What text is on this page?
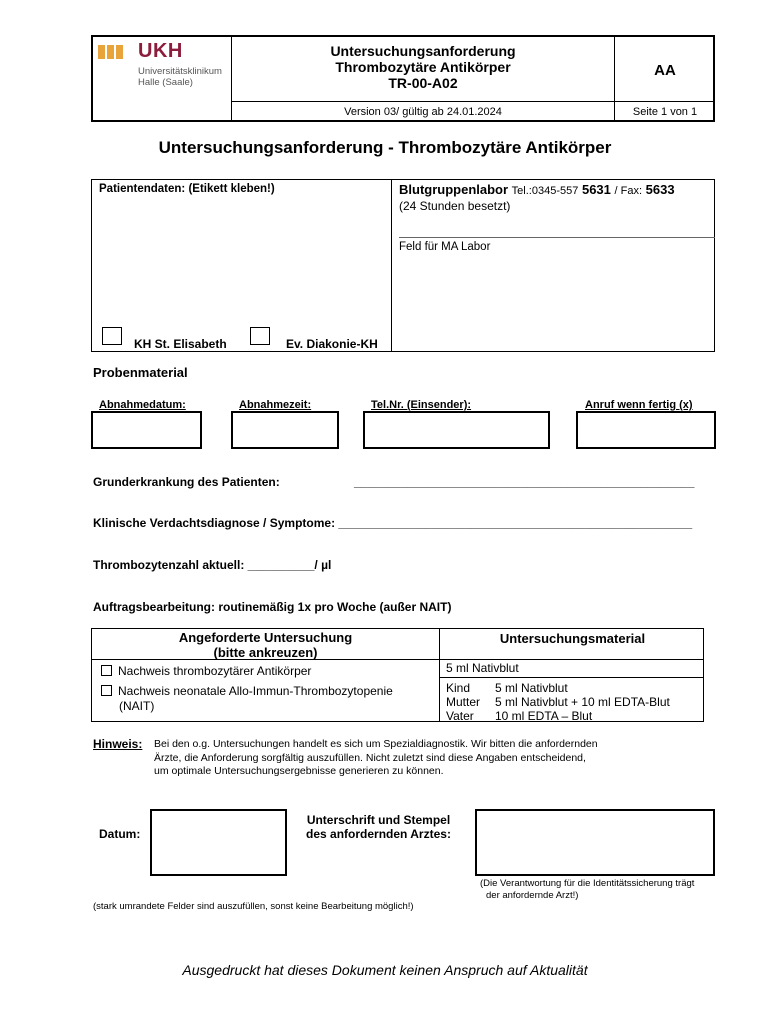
UKH
Universitätsklinikum
Halle (Saale)
Untersuchungsanforderung
Thrombozytäre Antikörper
TR-00-A02
AA
Version 03/ gültig ab 24.01.2024	Seite 1 von 1
Untersuchungsanforderung - Thrombozytäre Antikörper
Patientendaten: (Etikett kleben!)
KH St. Elisabeth	Ev. Diakonie-KH
Blutgruppenlabor Tel.:0345-557 5631 / Fax: 5633
(24 Stunden besetzt)
Feld für MA Labor
Probenmaterial
Abnahmedatum:	Abnahmezeit:	Tel.Nr. (Einsender):	Anruf wenn fertig (x)
Grunderkrankung des Patienten:	___________________________________________________
Klinische Verdachtsdiagnose / Symptome: _____________________________________________________
Thrombozytenzahl aktuell: __________/ µl
Auftragsbearbeitung: routinemäßig 1x pro Woche (außer NAIT)
Angeforderte Untersuchung
(bitte ankreuzen)
Untersuchungsmaterial
Nachweis thrombozytärer Antikörper	5 ml Nativblut
Nachweis neonatale Allo-Immun-Thrombozytopenie
(NAIT)
Kind 5 ml Nativblut
Mutter 5 ml Nativblut + 10 ml EDTA-Blut
Vater 10 ml EDTA – Blut
Hinweis: Bei den o.g. Untersuchungen handelt es sich um Spezialdiagnostik. Wir bitten die anfordernden
Ärzte, die Anforderung sorgfältig auszufüllen. Nicht zuletzt sind diese Angaben entscheidend,
um optimale Untersuchungsergebnisse generieren zu können.
Datum:
Unterschrift und Stempel
des anfordernden Arztes:
(Die Verantwortung für die Identitätssicherung trägt
der anfordernde Arzt!)
(stark umrandete Felder sind auszufüllen, sonst keine Bearbeitung möglich!)
Ausgedruckt hat dieses Dokument keinen Anspruch auf Aktualität
